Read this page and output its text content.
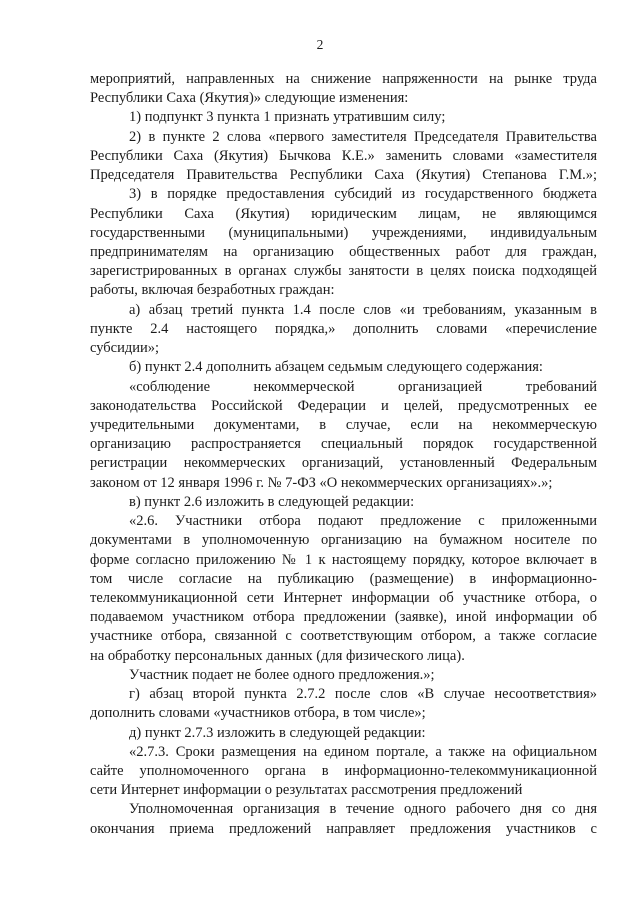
2
мероприятий, направленных на снижение напряженности на рынке труда
Республики Саха (Якутия)» следующие изменения:
1) подпункт 3 пункта 1 признать утратившим силу;
2) в пункте 2 слова «первого заместителя Председателя Правительства
Республики Саха (Якутия) Бычкова К.Е.» заменить словами «заместителя
Председателя Правительства Республики Саха (Якутия) Степанова Г.М.»;
3) в порядке предоставления субсидий из государственного бюджета
Республики Саха (Якутия) юридическим лицам, не являющимся
государственными (муниципальными) учреждениями, индивидуальным
предпринимателям на организацию общественных работ для граждан,
зарегистрированных в органах службы занятости в целях поиска подходящей
работы, включая безработных граждан:
а) абзац третий пункта 1.4 после слов «и требованиям, указанным в
пункте 2.4 настоящего порядка,» дополнить словами «перечисление
субсидии»;
б) пункт 2.4 дополнить абзацем седьмым следующего содержания:
«соблюдение некоммерческой организацией требований
законодательства Российской Федерации и целей, предусмотренных ее
учредительными документами, в случае, если на некоммерческую
организацию распространяется специальный порядок государственной
регистрации некоммерческих организаций, установленный Федеральным
законом от 12 января 1996 г. № 7-ФЗ «О некоммерческих организациях».»;
в) пункт 2.6 изложить в следующей редакции:
«2.6. Участники отбора подают предложение с приложенными
документами в уполномоченную организацию на бумажном носителе по
форме согласно приложению № 1 к настоящему порядку, которое включает в
том числе согласие на публикацию (размещение) в информационно-
телекоммуникационной сети Интернет информации об участнике отбора, о
подаваемом участником отбора предложении (заявке), иной информации об
участнике отбора, связанной с соответствующим отбором, а также согласие
на обработку персональных данных (для физического лица).
Участник подает не более одного предложения.»;
г) абзац второй пункта 2.7.2 после слов «В случае несоответствия»
дополнить словами «участников отбора, в том числе»;
д) пункт 2.7.3 изложить в следующей редакции:
«2.7.3. Сроки размещения на едином портале, а также на официальном
сайте уполномоченного органа в информационно-телекоммуникационной
сети Интернет информации о результатах рассмотрения предложений
Уполномоченная организация в течение одного рабочего дня со дня
окончания приема предложений направляет предложения участников с
